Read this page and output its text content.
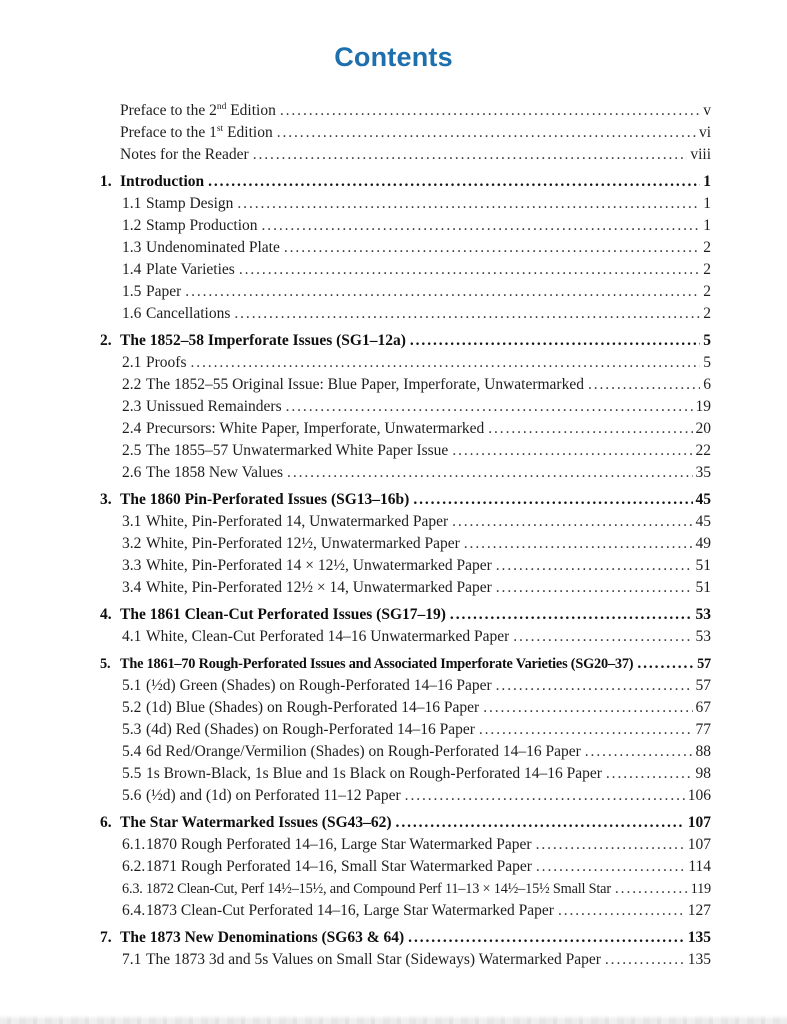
Contents
Preface to the 2nd Edition .....	v
Preface to the 1st Edition .....	vi
Notes for the Reader .....	viii
1. Introduction .....	1
1.1 Stamp Design .....	1
1.2 Stamp Production .....	1
1.3 Undenominated Plate .....	2
1.4 Plate Varieties .....	2
1.5 Paper .....	2
1.6 Cancellations .....	2
2. The 1852–58 Imperforate Issues (SG1–12a) .....	5
2.1 Proofs .....	5
2.2 The 1852–55 Original Issue: Blue Paper, Imperforate, Unwatermarked .....	6
2.3 Unissued Remainders .....	19
2.4 Precursors: White Paper, Imperforate, Unwatermarked .....	20
2.5 The 1855–57 Unwatermarked White Paper Issue .....	22
2.6 The 1858 New Values .....	35
3. The 1860 Pin-Perforated Issues (SG13–16b) .....	45
3.1 White, Pin-Perforated 14, Unwatermarked Paper .....	45
3.2 White, Pin-Perforated 12½, Unwatermarked Paper .....	49
3.3 White, Pin-Perforated 14 × 12½, Unwatermarked Paper .....	51
3.4 White, Pin-Perforated 12½ × 14, Unwatermarked Paper .....	51
4. The 1861 Clean-Cut Perforated Issues (SG17–19) .....	53
4.1 White, Clean-Cut Perforated 14–16 Unwatermarked Paper .....	53
5. The 1861–70 Rough-Perforated Issues and Associated Imperforate Varieties (SG20–37) .....	57
5.1 (½d) Green (Shades) on Rough-Perforated 14–16 Paper .....	57
5.2 (1d) Blue (Shades) on Rough-Perforated 14–16 Paper .....	67
5.3 (4d) Red (Shades) on Rough-Perforated 14–16 Paper .....	77
5.4 6d Red/Orange/Vermilion (Shades) on Rough-Perforated 14–16 Paper .....	88
5.5 1s Brown-Black, 1s Blue and 1s Black on Rough-Perforated 14–16 Paper .....	98
5.6 (½d) and (1d) on Perforated 11–12 Paper .....	106
6. The Star Watermarked Issues (SG43–62) .....	107
6.1. 1870 Rough Perforated 14–16, Large Star Watermarked Paper .....	107
6.2. 1871 Rough Perforated 14–16, Small Star Watermarked Paper .....	114
6.3. 1872 Clean-Cut, Perf 14½–15½, and Compound Perf 11–13 × 14½–15½ Small Star .....	119
6.4. 1873 Clean-Cut Perforated 14–16, Large Star Watermarked Paper .....	127
7. The 1873 New Denominations (SG63 & 64) .....	135
7.1 The 1873 3d and 5s Values on Small Star (Sideways) Watermarked Paper .....	135
